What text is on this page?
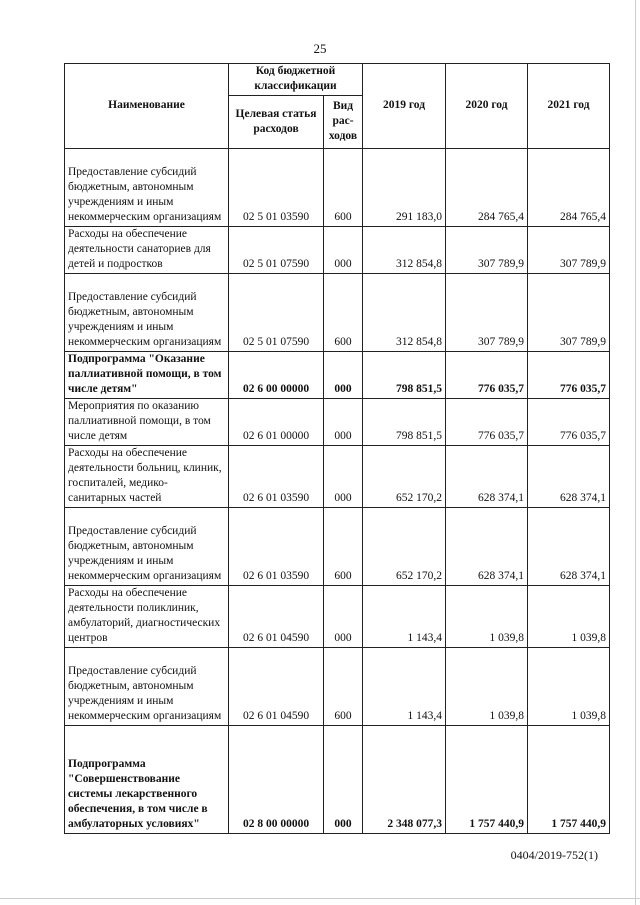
25
Наименование	Код бюджетной классификации		2019 год	2020 год	2021 год
	Целевая статья расходов	Вид рас-ходов			
Предоставление субсидий бюджетным, автономным учреждениям и иным некоммерческим организациям	02 5 01 03590	600	291 183,0	284 765,4	284 765,4
Расходы на обеспечение деятельности санаториев для детей и подростков	02 5 01 07590	000	312 854,8	307 789,9	307 789,9
Предоставление субсидий бюджетным, автономным учреждениям и иным некоммерческим организациям	02 5 01 07590	600	312 854,8	307 789,9	307 789,9
Подпрограмма "Оказание паллиативной помощи, в том числе детям"	02 6 00 00000	000	798 851,5	776 035,7	776 035,7
Мероприятия по оказанию паллиативной помощи, в том числе детям	02 6 01 00000	000	798 851,5	776 035,7	776 035,7
Расходы на обеспечение деятельности больниц, клиник, госпиталей, медико-санитарных частей	02 6 01 03590	000	652 170,2	628 374,1	628 374,1
Предоставление субсидий бюджетным, автономным учреждениям и иным некоммерческим организациям	02 6 01 03590	600	652 170,2	628 374,1	628 374,1
Расходы на обеспечение деятельности поликлиник, амбулаторий, диагностических центров	02 6 01 04590	000	1 143,4	1 039,8	1 039,8
Предоставление субсидий бюджетным, автономным учреждениям и иным некоммерческим организациям	02 6 01 04590	600	1 143,4	1 039,8	1 039,8
Подпрограмма "Совершенствование системы лекарственного обеспечения, в том числе в амбулаторных условиях"	02 8 00 00000	000	2 348 077,3	1 757 440,9	1 757 440,9
0404/2019-752(1)
